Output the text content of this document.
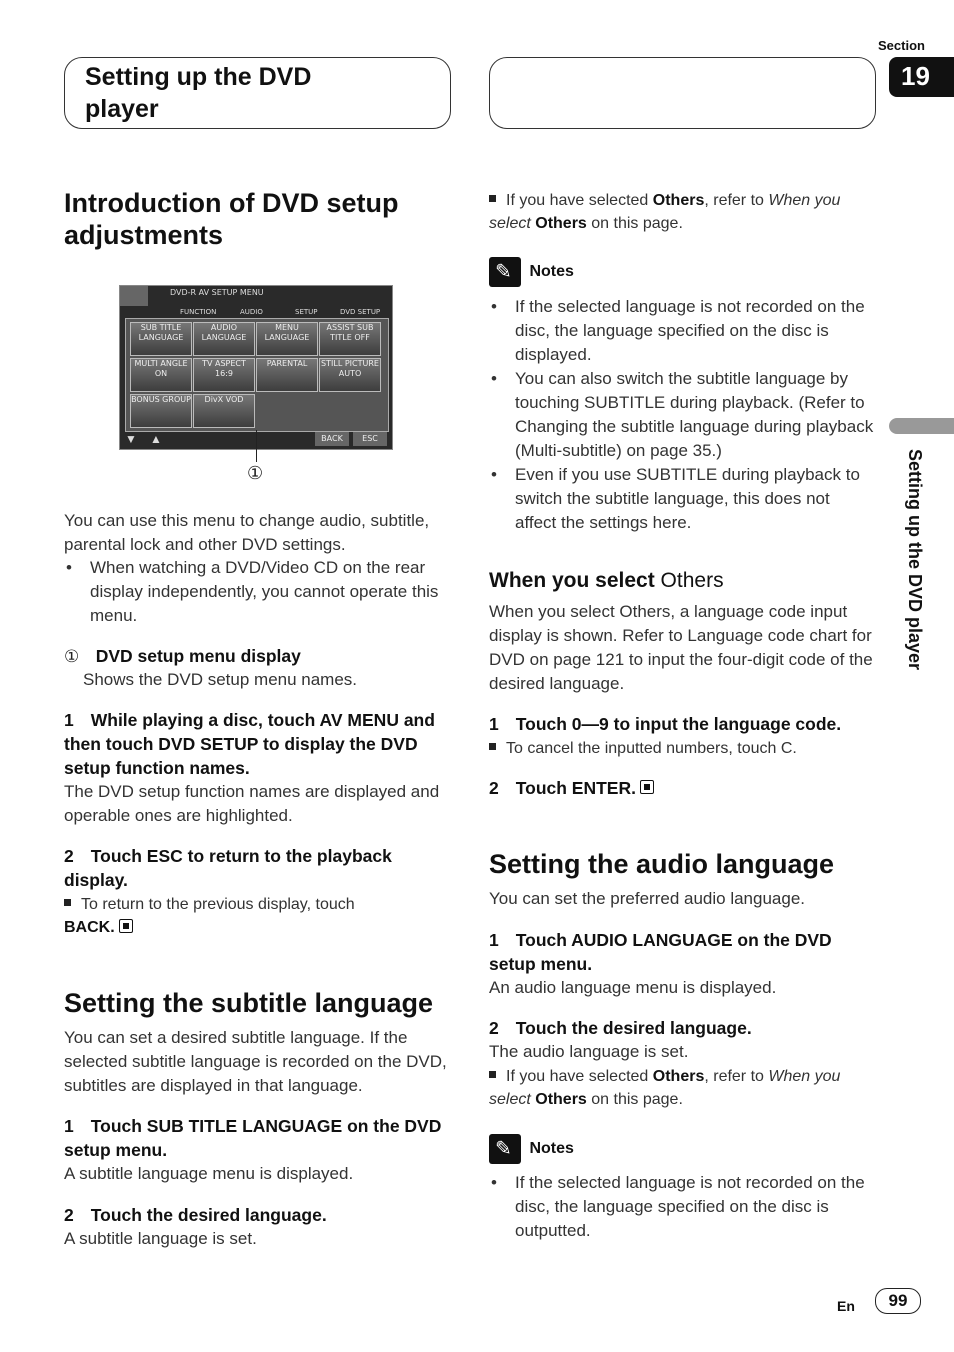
Section
19
Setting up the DVD player
Setting up the DVD player
Introduction of DVD setup adjustments
DVD-R AV SETUP MENU
FUNCTION	AUDIO	SETUP	DVD SETUP
SUB TITLE LANGUAGE
AUDIO LANGUAGE
MENU LANGUAGE
ASSIST SUB TITLE OFF
MULTI ANGLE ON
TV ASPECT 16:9
PARENTAL	STILL PICTURE AUTO
BONUS GROUP	DivX VOD
▼ ▲	BACK	ESC
①
You can use this menu to change audio, subtitle, parental lock and other DVD settings.
• When watching a DVD/Video CD on the rear display independently, you cannot operate this menu.
① DVD setup menu display
Shows the DVD setup menu names.
1 While playing a disc, touch AV MENU and then touch DVD SETUP to display the DVD setup function names.
The DVD setup function names are displayed and operable ones are highlighted.
2 Touch ESC to return to the playback display.
To return to the previous display, touch
BACK.
Setting the subtitle language
You can set a desired subtitle language. If the selected subtitle language is recorded on the DVD, subtitles are displayed in that language.
1 Touch SUB TITLE LANGUAGE on the DVD setup menu.
A subtitle language menu is displayed.
2 Touch the desired language.
A subtitle language is set.
If you have selected Others, refer to When you select Others on this page.
✎ Notes
• If the selected language is not recorded on the disc, the language specified on the disc is displayed.
• You can also switch the subtitle language by touching SUBTITLE during playback. (Refer to Changing the subtitle language during playback (Multi-subtitle) on page 35.)
• Even if you use SUBTITLE during playback to switch the subtitle language, this does not affect the settings here.
When you select Others
When you select Others, a language code input display is shown. Refer to Language code chart for DVD on page 121 to input the four-digit code of the desired language.
1 Touch 0—9 to input the language code.
To cancel the inputted numbers, touch C.
2 Touch ENTER.
Setting the audio language
You can set the preferred audio language.
1 Touch AUDIO LANGUAGE on the DVD setup menu.
An audio language menu is displayed.
2 Touch the desired language.
The audio language is set.
If you have selected Others, refer to When you select Others on this page.
✎ Notes
• If the selected language is not recorded on the disc, the language specified on the disc is outputted.
En	99
